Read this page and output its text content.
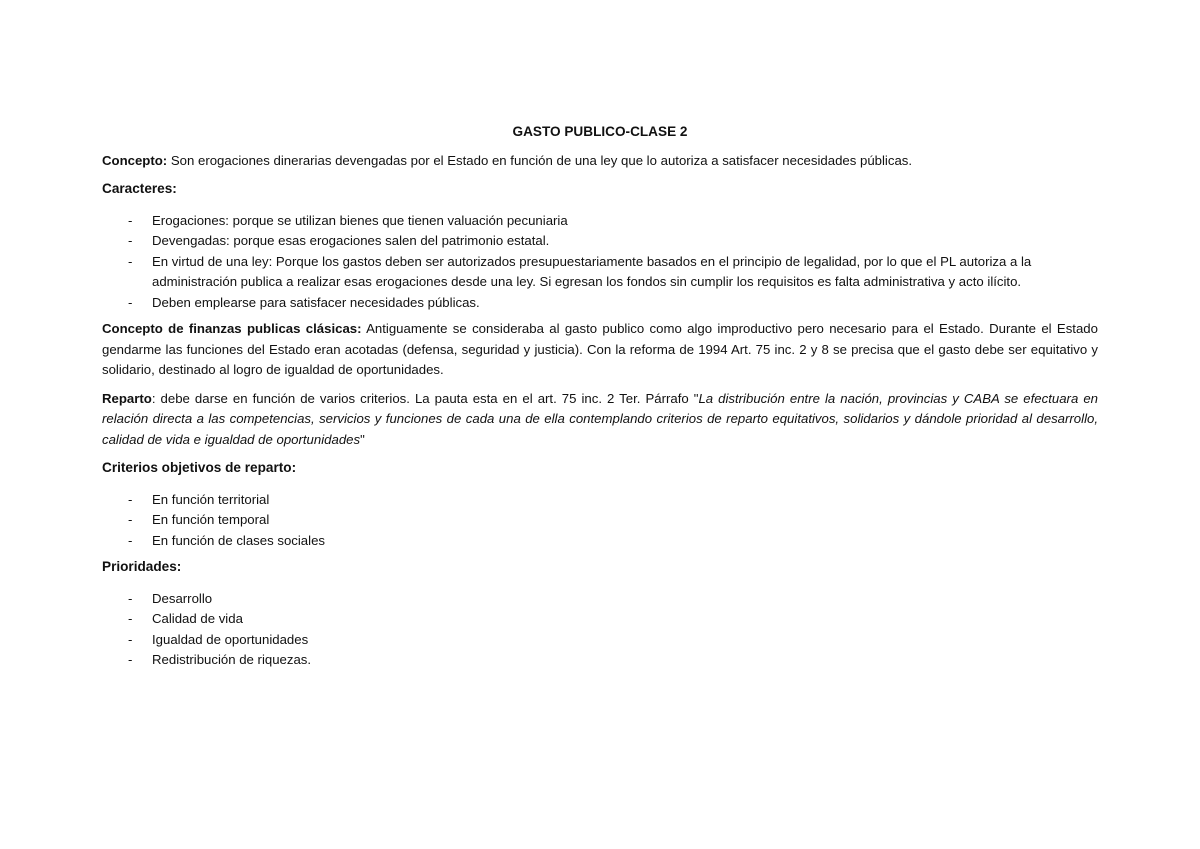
GASTO PUBLICO-CLASE 2

Concepto: Son erogaciones dinerarias devengadas por el Estado en función de una ley que lo autoriza a satisfacer necesidades públicas.

Caracteres:
- Erogaciones: porque se utilizan bienes que tienen valuación pecuniaria
- Devengadas: porque esas erogaciones salen del patrimonio estatal.
- En virtud de una ley: Porque los gastos deben ser autorizados presupuestariamente basados en el principio de legalidad, por lo que el PL autoriza a la administración publica a realizar esas erogaciones desde una ley. Si egresan los fondos sin cumplir los requisitos es falta administrativa y acto ilícito.
- Deben emplearse para satisfacer necesidades públicas.

Concepto de finanzas publicas clásicas: Antiguamente se consideraba al gasto publico como algo improductivo pero necesario para el Estado. Durante el Estado gendarme las funciones del Estado eran acotadas (defensa, seguridad y justicia). Con la reforma de 1994 Art. 75 inc. 2 y 8 se precisa que el gasto debe ser equitativo y solidario, destinado al logro de igualdad de oportunidades.

Reparto: debe darse en función de varios criterios. La pauta esta en el art. 75 inc. 2 Ter. Párrafo "La distribución entre la nación, provincias y CABA se efectuara en relación directa a las competencias, servicios y funciones de cada una de ella contemplando criterios de reparto equitativos, solidarios y dándole prioridad al desarrollo, calidad de vida e igualdad de oportunidades"

Criterios objetivos de reparto:
- En función territorial
- En función temporal
- En función de clases sociales
Prioridades:
- Desarrollo
- Calidad de vida
- Igualdad de oportunidades
- Redistribución de riquezas.
